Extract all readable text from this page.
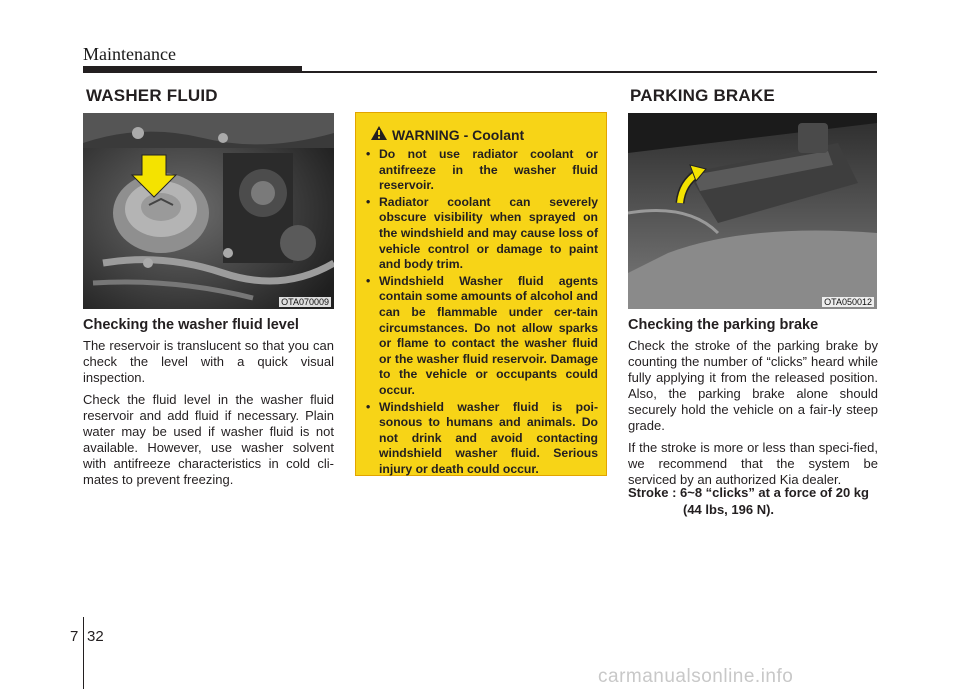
Maintenance
WASHER FLUID
OTA070009
Checking the washer fluid level

The reservoir is translucent so that you can check the level with a quick visual inspection.

Check the fluid level in the washer fluid reservoir and add fluid if necessary. Plain water may be used if washer fluid is not available. However, use washer solvent with antifreeze characteristics in cold cli-mates to prevent freezing.

WARNING - Coolant
• Do not use radiator coolant or antifreeze in the washer fluid reservoir.
• Radiator coolant can severely obscure visibility when sprayed on the windshield and may cause loss of vehicle control or damage to paint and body trim.
• Windshield Washer fluid agents contain some amounts of alcohol and can be flammable under cer-tain circumstances. Do not allow sparks or flame to contact the washer fluid or the washer fluid reservoir. Damage to the vehicle or occupants could occur.
• Windshield washer fluid is poi-sonous to humans and animals. Do not drink and avoid contacting windshield washer fluid. Serious injury or death could occur.
PARKING BRAKE
OTA050012
Checking the parking brake

Check the stroke of the parking brake by counting the number of “clicks” heard while fully applying it from the released position. Also, the parking brake alone should securely hold the vehicle on a fair-ly steep grade.

If the stroke is more or less than speci-fied, we recommend that the system be serviced by an authorized Kia dealer.

Stroke : 6~8 “clicks” at a force of 20 kg
(44 lbs, 196 N).
7 32
carmanualsonline.info
